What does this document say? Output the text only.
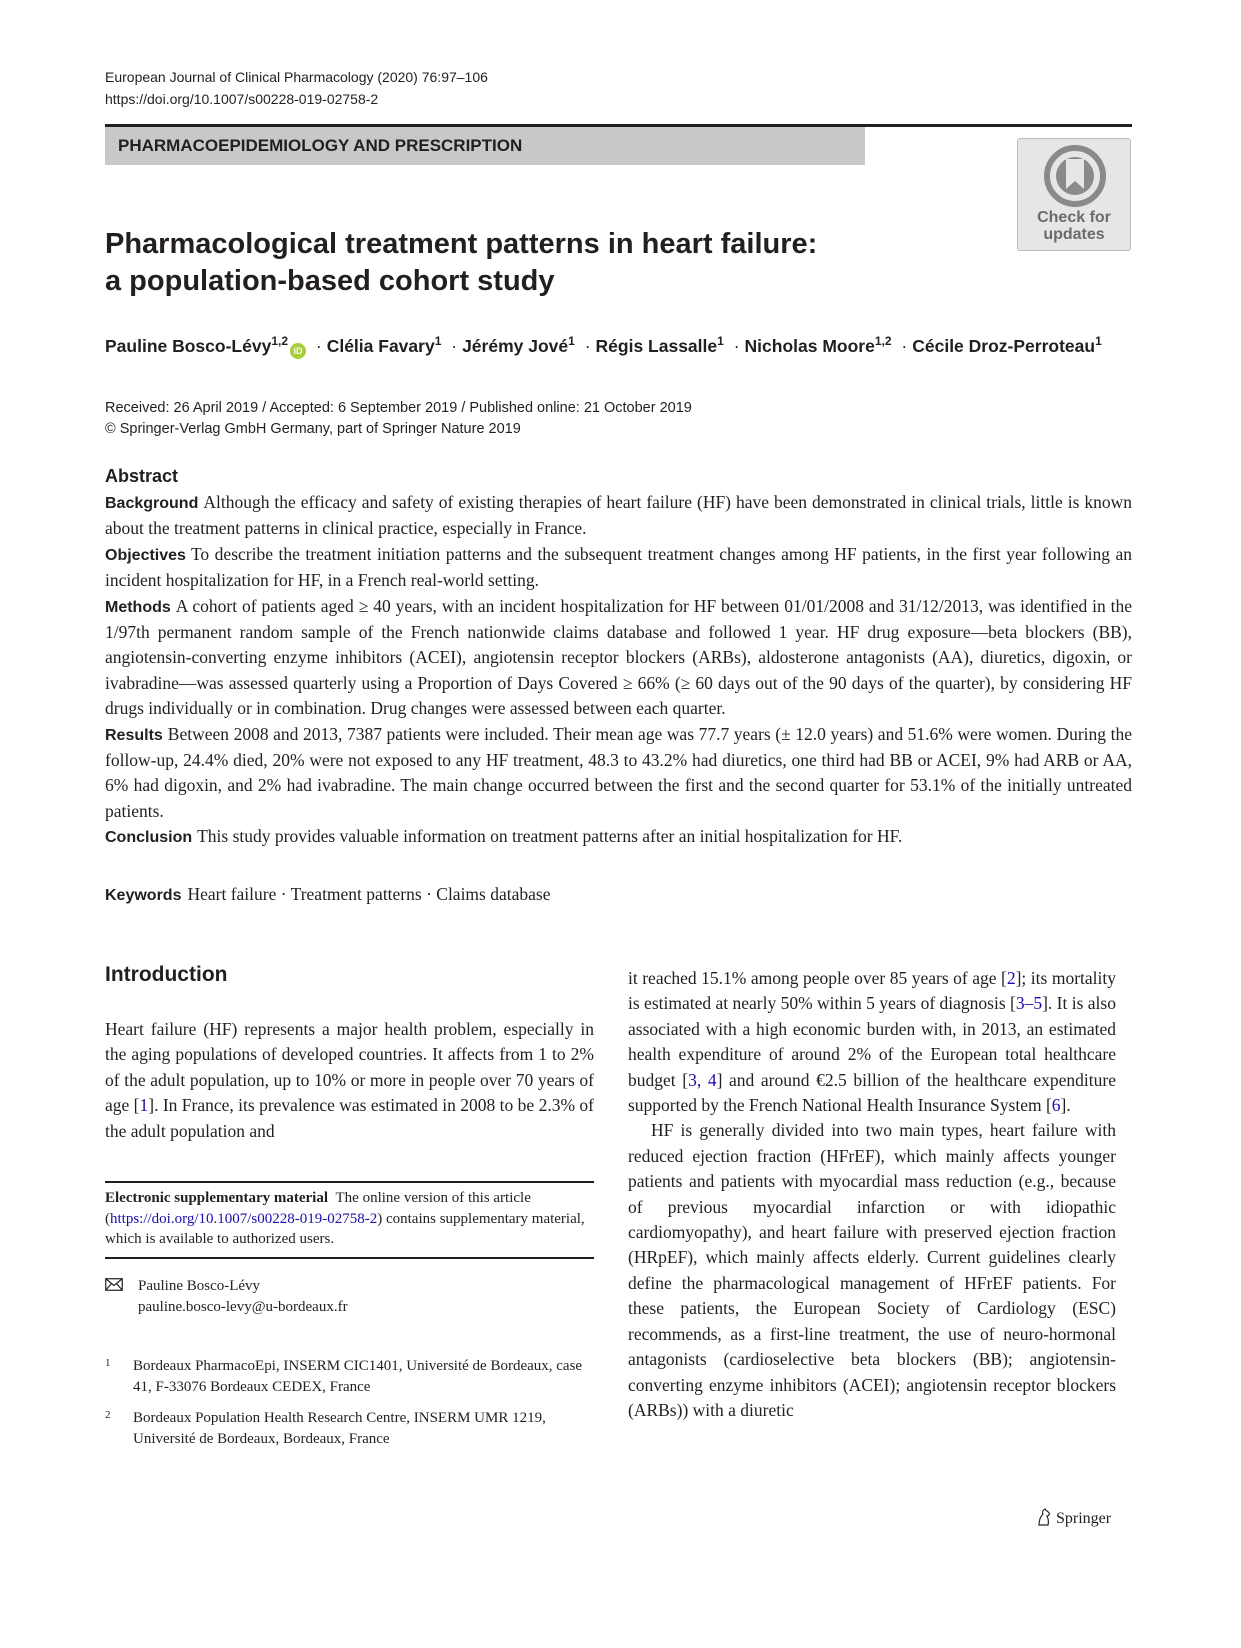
European Journal of Clinical Pharmacology (2020) 76:97–106
https://doi.org/10.1007/s00228-019-02758-2
PHARMACOEPIDEMIOLOGY AND PRESCRIPTION
Check for
updates
Pharmacological treatment patterns in heart failure:
a population-based cohort study
Pauline Bosco-Lévy$^{1,2}$iD · Clélia Favary$^1$ · Jérémy Jové$^1$ · Régis Lassalle$^1$ · Nicholas Moore$^{1,2}$ · Cécile Droz-Perroteau$^1$
Received: 26 April 2019 / Accepted: 6 September 2019 / Published online: 21 October 2019
© Springer-Verlag GmbH Germany, part of Springer Nature 2019
Abstract

Background Although the efficacy and safety of existing therapies of heart failure (HF) have been demonstrated in clinical trials, little is known about the treatment patterns in clinical practice, especially in France.

Objectives To describe the treatment initiation patterns and the subsequent treatment changes among HF patients, in the first year following an incident hospitalization for HF, in a French real-world setting.

Methods A cohort of patients aged ≥ 40 years, with an incident hospitalization for HF between 01/01/2008 and 31/12/2013, was identified in the 1/97th permanent random sample of the French nationwide claims database and followed 1 year. HF drug exposure—beta blockers (BB), angiotensin-converting enzyme inhibitors (ACEI), angiotensin receptor blockers (ARBs), aldosterone antagonists (AA), diuretics, digoxin, or ivabradine—was assessed quarterly using a Proportion of Days Covered ≥ 66% (≥ 60 days out of the 90 days of the quarter), by considering HF drugs individually or in combination. Drug changes were assessed between each quarter.

Results Between 2008 and 2013, 7387 patients were included. Their mean age was 77.7 years (± 12.0 years) and 51.6% were women. During the follow-up, 24.4% died, 20% were not exposed to any HF treatment, 48.3 to 43.2% had diuretics, one third had BB or ACEI, 9% had ARB or AA, 6% had digoxin, and 2% had ivabradine. The main change occurred between the first and the second quarter for 53.1% of the initially untreated patients.

Conclusion This study provides valuable information on treatment patterns after an initial hospitalization for HF.

Keywords Heart failure · Treatment patterns · Claims database
Introduction

Heart failure (HF) represents a major health problem, especially in the aging populations of developed countries. It affects from 1 to 2% of the adult population, up to 10% or more in people over 70 years of age [1]. In France, its prevalence was estimated in 2008 to be 2.3% of the adult population and

it reached 15.1% among people over 85 years of age [2]; its mortality is estimated at nearly 50% within 5 years of diagnosis [3–5]. It is also associated with a high economic burden with, in 2013, an estimated health expenditure of around 2% of the European total healthcare budget [3, 4] and around €2.5 billion of the healthcare expenditure supported by the French National Health Insurance System [6].

HF is generally divided into two main types, heart failure with reduced ejection fraction (HFrEF), which mainly affects younger patients and patients with myocardial mass reduction (e.g., because of previous myocardial infarction or with idiopathic cardiomyopathy), and heart failure with preserved ejection fraction (HRpEF), which mainly affects elderly. Current guidelines clearly define the pharmacological management of HFrEF patients. For these patients, the European Society of Cardiology (ESC) recommends, as a first-line treatment, the use of neuro-hormonal antagonists (cardioselective beta blockers (BB); angiotensin-converting enzyme inhibitors (ACEI); angiotensin receptor blockers (ARBs)) with a diuretic

Electronic supplementary material The online version of this article (https://doi.org/10.1007/s00228-019-02758-2) contains supplementary material, which is available to authorized users.
Pauline Bosco-Lévy
pauline.bosco-levy@u-bordeaux.fr
1 Bordeaux PharmacoEpi, INSERM CIC1401, Université de Bordeaux, case 41, F-33076 Bordeaux CEDEX, France
2 Bordeaux Population Health Research Centre, INSERM UMR 1219, Université de Bordeaux, Bordeaux, France
Springer
